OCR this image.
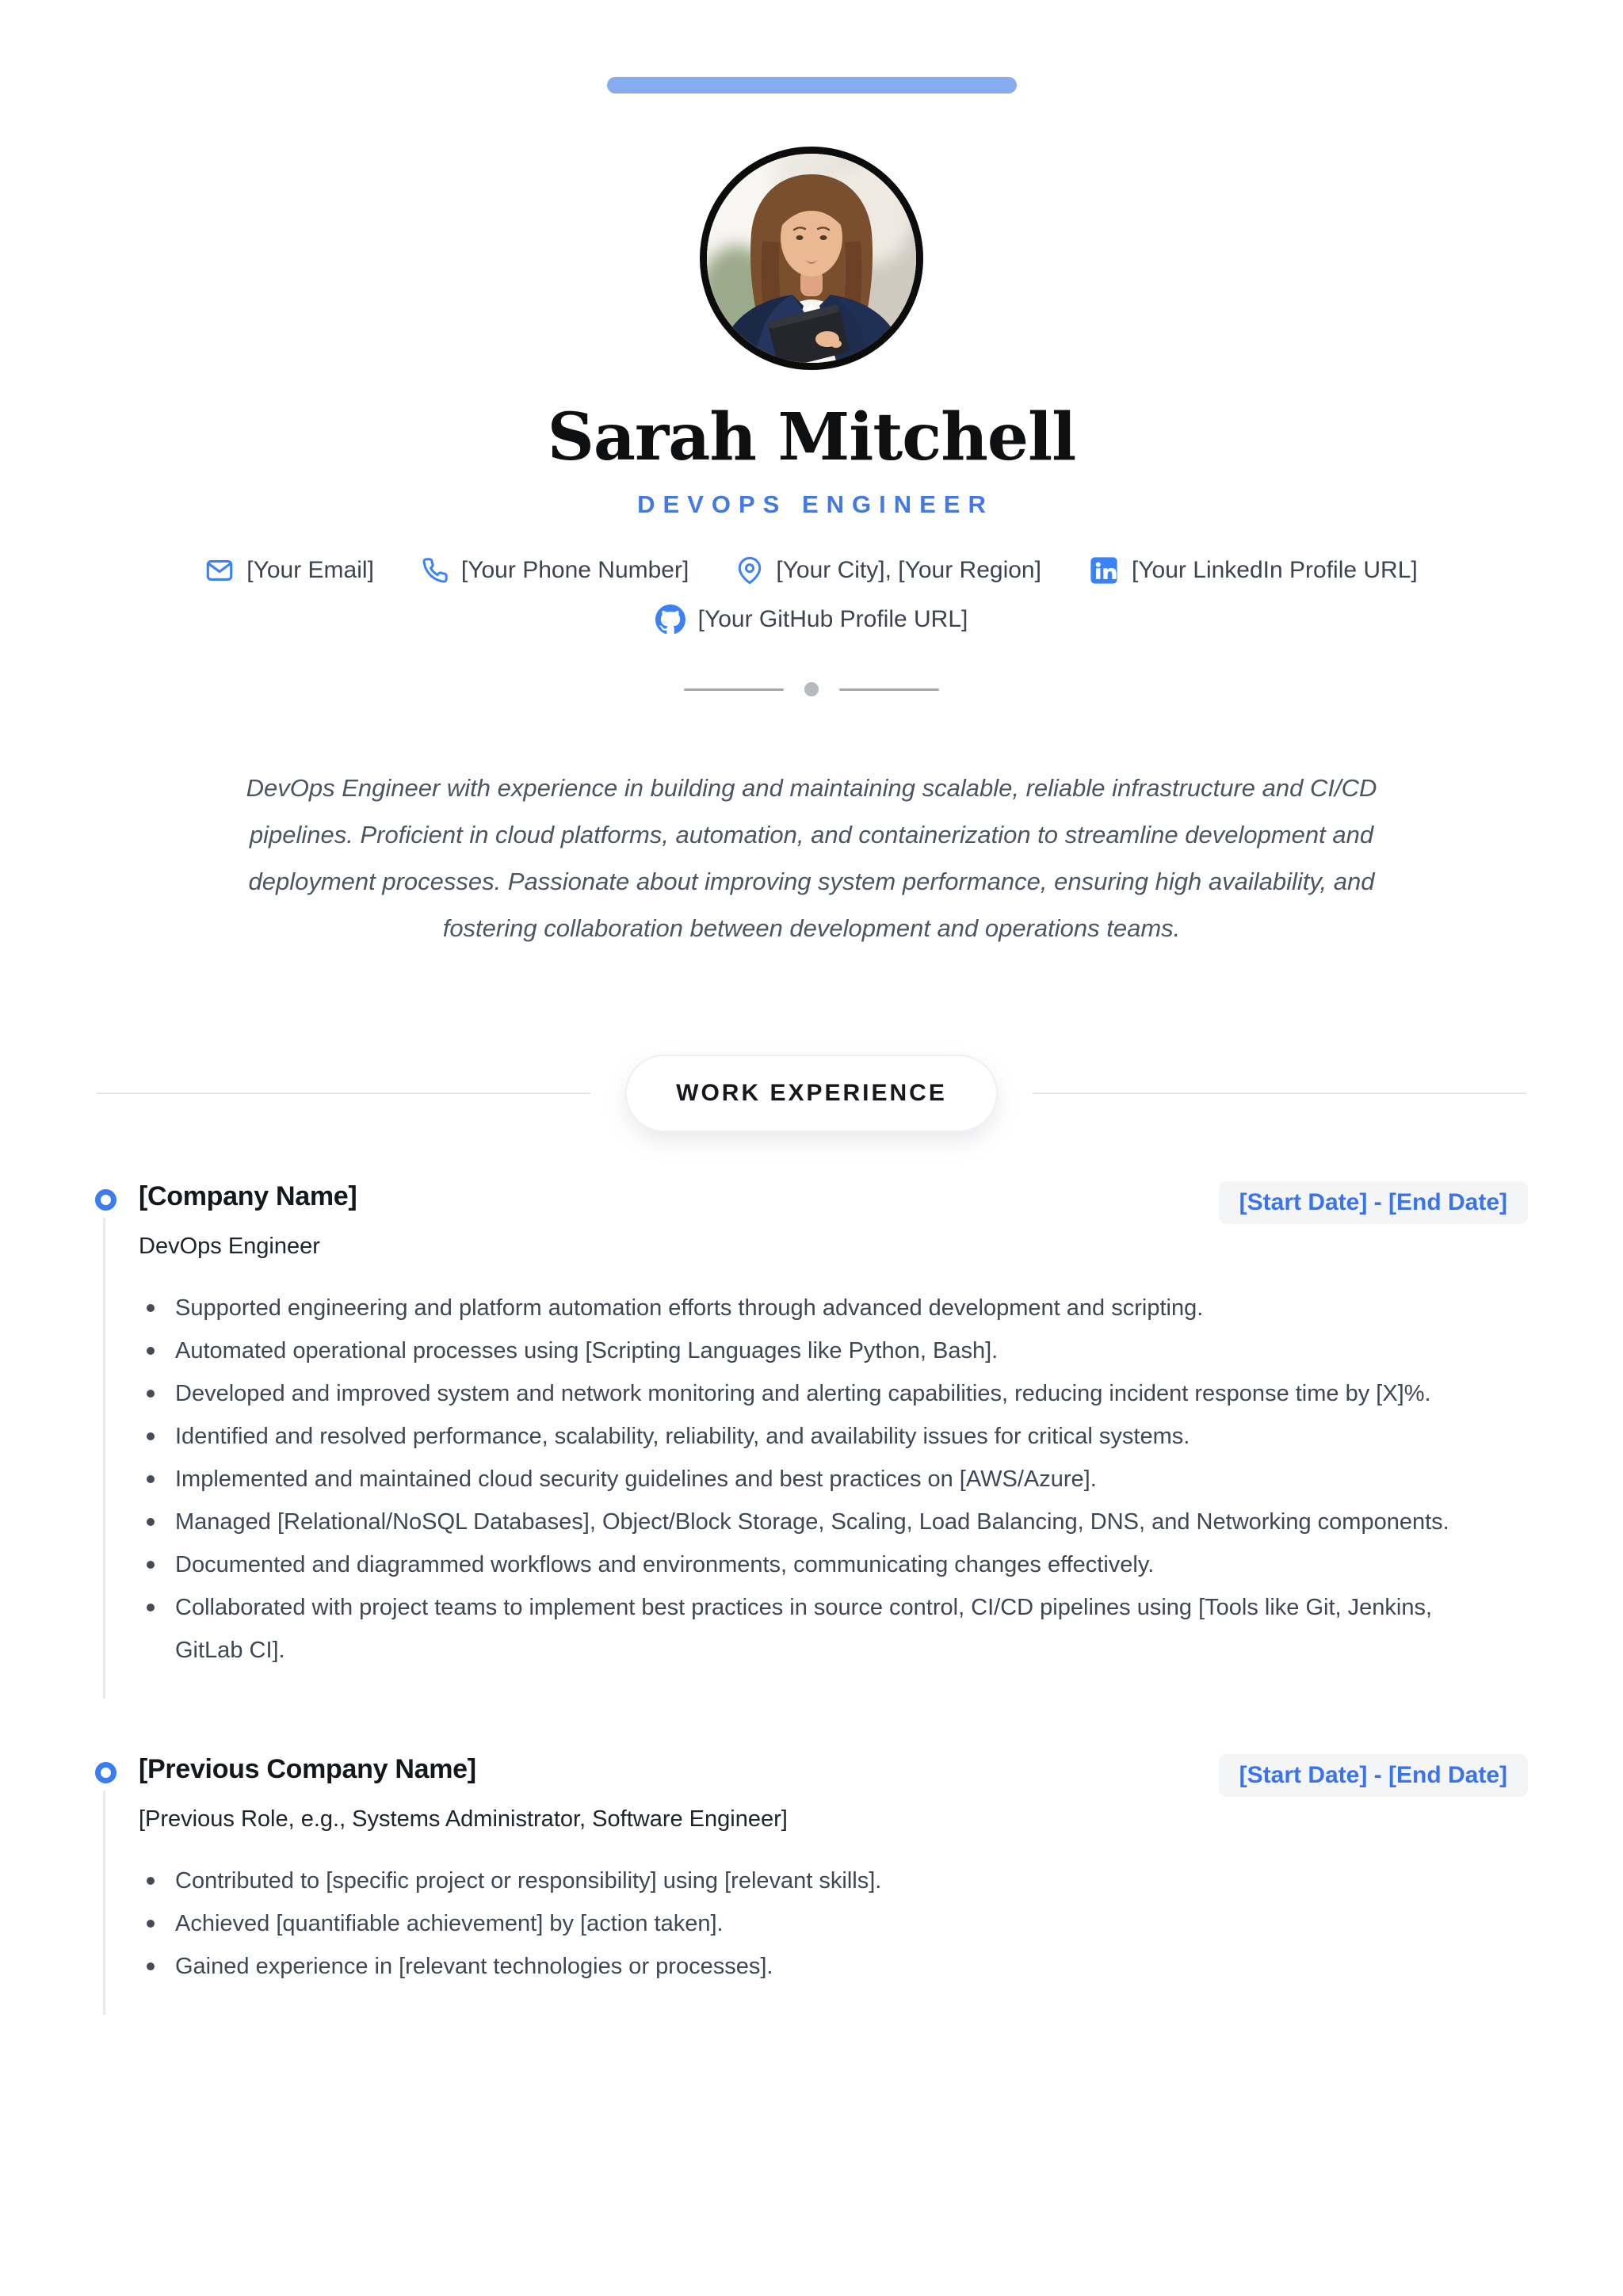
Sarah Mitchell
DEVOPS ENGINEER
[Your Email]	[Your Phone Number]	[Your City], [Your Region]	[Your LinkedIn Profile URL]
[Your GitHub Profile URL]

DevOps Engineer with experience in building and maintaining scalable, reliable infrastructure and CI/CD pipelines. Proficient in cloud platforms, automation, and containerization to streamline development and deployment processes. Passionate about improving system performance, ensuring high availability, and fostering collaboration between development and operations teams.

WORK EXPERIENCE
[Company Name]	[Start Date] - [End Date]
DevOps Engineer
Supported engineering and platform automation efforts through advanced development and scripting.
Automated operational processes using [Scripting Languages like Python, Bash].
Developed and improved system and network monitoring and alerting capabilities, reducing incident response time by [X]%.
Identified and resolved performance, scalability, reliability, and availability issues for critical systems.
Implemented and maintained cloud security guidelines and best practices on [AWS/Azure].
Managed [Relational/NoSQL Databases], Object/Block Storage, Scaling, Load Balancing, DNS, and Networking components.
Documented and diagrammed workflows and environments, communicating changes effectively.
Collaborated with project teams to implement best practices in source control, CI/CD pipelines using [Tools like Git, Jenkins, GitLab CI].
[Previous Company Name]	[Start Date] - [End Date]
[Previous Role, e.g., Systems Administrator, Software Engineer]
Contributed to [specific project or responsibility] using [relevant skills].
Achieved [quantifiable achievement] by [action taken].
Gained experience in [relevant technologies or processes].
